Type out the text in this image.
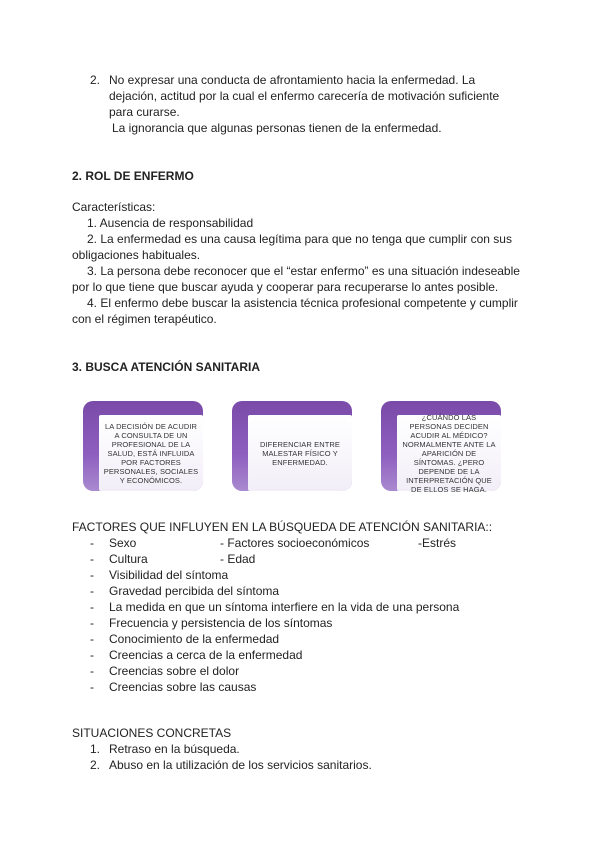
2. No expresar una conducta de afrontamiento hacia la enfermedad. La
dejación, actitud por la cual el enfermo carecería de motivación suficiente
para curarse.
La ignorancia que algunas personas tienen de la enfermedad.
2. ROL DE ENFERMO
Características:
1. Ausencia de responsabilidad
2. La enfermedad es una causa legítima para que no tenga que cumplir con sus
obligaciones habituales.
3. La persona debe reconocer que el “estar enfermo” es una situación indeseable
por lo que tiene que buscar ayuda y cooperar para recuperarse lo antes posible.
4. El enfermo debe buscar la asistencia técnica profesional competente y cumplir
con el régimen terapéutico.
3. BUSCA ATENCIÓN SANITARIA
LA DECISIÓN DE ACUDIR A CONSULTA DE UN PROFESIONAL DE LA SALUD, ESTÁ INFLUIDA POR FACTORES PERSONALES, SOCIALES Y ECONÓMICOS.
DIFERENCIAR ENTRE MALESTAR FÍSICO Y ENFERMEDAD.
¿CUÁNDO LAS PERSONAS DECIDEN ACUDIR AL MÉDICO? NORMALMENTE ANTE LA APARICIÓN DE SÍNTOMAS. ¿PERO DEPENDE DE LA INTERPRETACIÓN QUE DE ELLOS SE HAGA.
FACTORES QUE INFLUYEN EN LA BÚSQUEDA DE ATENCIÓN SANITARIA::
- Sexo	- Factores socioeconómicos	-Estrés
- Cultura	- Edad
- Visibilidad del síntoma
- Gravedad percibida del síntoma
- La medida en que un síntoma interfiere en la vida de una persona
- Frecuencia y persistencia de los síntomas
- Conocimiento de la enfermedad
- Creencias a cerca de la enfermedad
- Creencias sobre el dolor
- Creencias sobre las causas
SITUACIONES CONCRETAS
1. Retraso en la búsqueda.
2. Abuso en la utilización de los servicios sanitarios.
